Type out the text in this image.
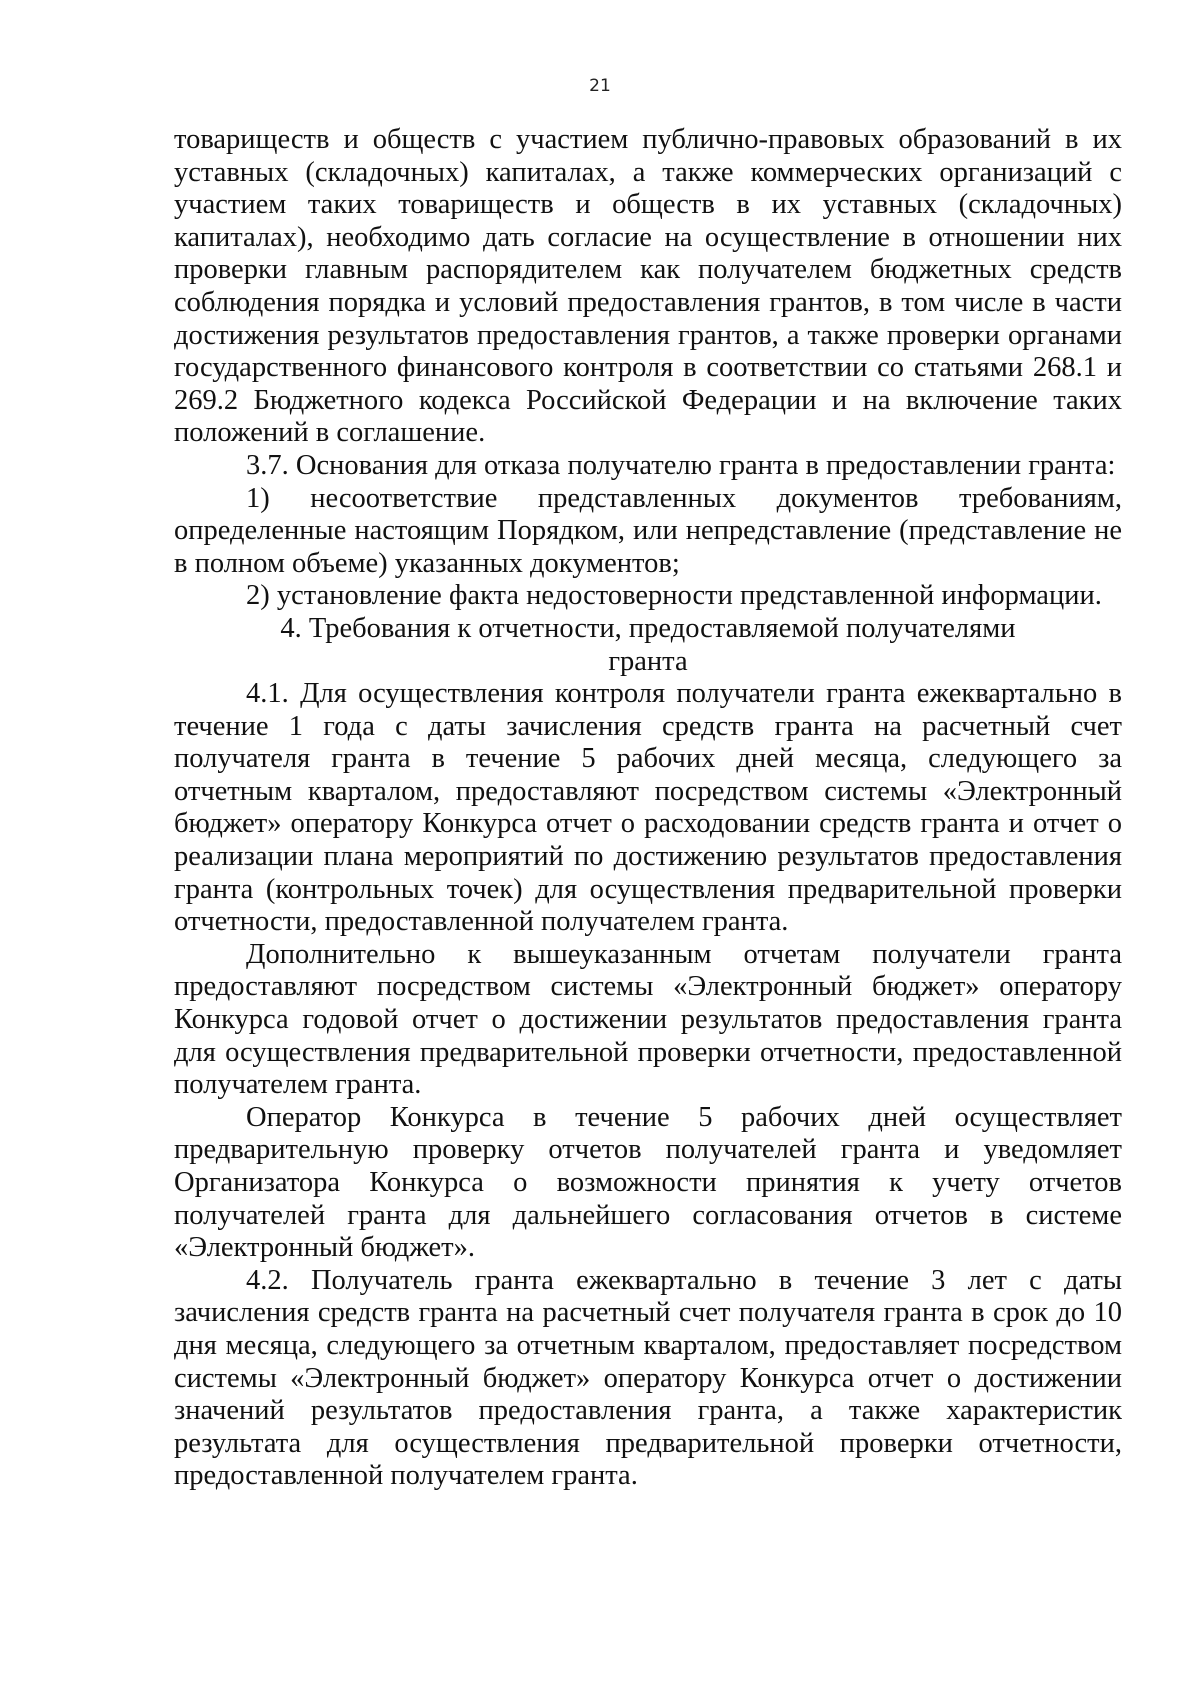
21

товариществ и обществ с участием публично-правовых образований в их уставных (складочных) капиталах, а также коммерческих организаций с участием таких товариществ и обществ в их уставных (складочных) капиталах), необходимо дать согласие на осуществление в отношении них проверки главным распорядителем как получателем бюджетных средств соблюдения порядка и условий предоставления грантов, в том числе в части достижения результатов предоставления грантов, а также проверки органами государственного финансового контроля в соответствии со статьями 268.1 и 269.2 Бюджетного кодекса Российской Федерации и на включение таких положений в соглашение.

3.7. Основания для отказа получателю гранта в предоставлении гранта:

1) несоответствие представленных документов требованиям, определенные настоящим Порядком, или непредставление (представление не в полном объеме) указанных документов;

2) установление факта недостоверности представленной информации.

4. Требования к отчетности, предоставляемой получателями
гранта

4.1. Для осуществления контроля получатели гранта ежеквартально в течение 1 года с даты зачисления средств гранта на расчетный счет получателя гранта в течение 5 рабочих дней месяца, следующего за отчетным кварталом, предоставляют посредством системы «Электронный бюджет» оператору Конкурса отчет о расходовании средств гранта и отчет о реализации плана мероприятий по достижению результатов предоставления гранта (контрольных точек) для осуществления предварительной проверки отчетности, предоставленной получателем гранта.

Дополнительно к вышеуказанным отчетам получатели гранта предоставляют посредством системы «Электронный бюджет» оператору Конкурса годовой отчет о достижении результатов предоставления гранта для осуществления предварительной проверки отчетности, предоставленной получателем гранта.

Оператор Конкурса в течение 5 рабочих дней осуществляет предварительную проверку отчетов получателей гранта и уведомляет Организатора Конкурса о возможности принятия к учету отчетов получателей гранта для дальнейшего согласования отчетов в системе «Электронный бюджет».

4.2. Получатель гранта ежеквартально в течение 3 лет с даты зачисления средств гранта на расчетный счет получателя гранта в срок до 10 дня месяца, следующего за отчетным кварталом, предоставляет посредством системы «Электронный бюджет» оператору Конкурса отчет о достижении значений результатов предоставления гранта, а также характеристик результата для осуществления предварительной проверки отчетности, предоставленной получателем гранта.
